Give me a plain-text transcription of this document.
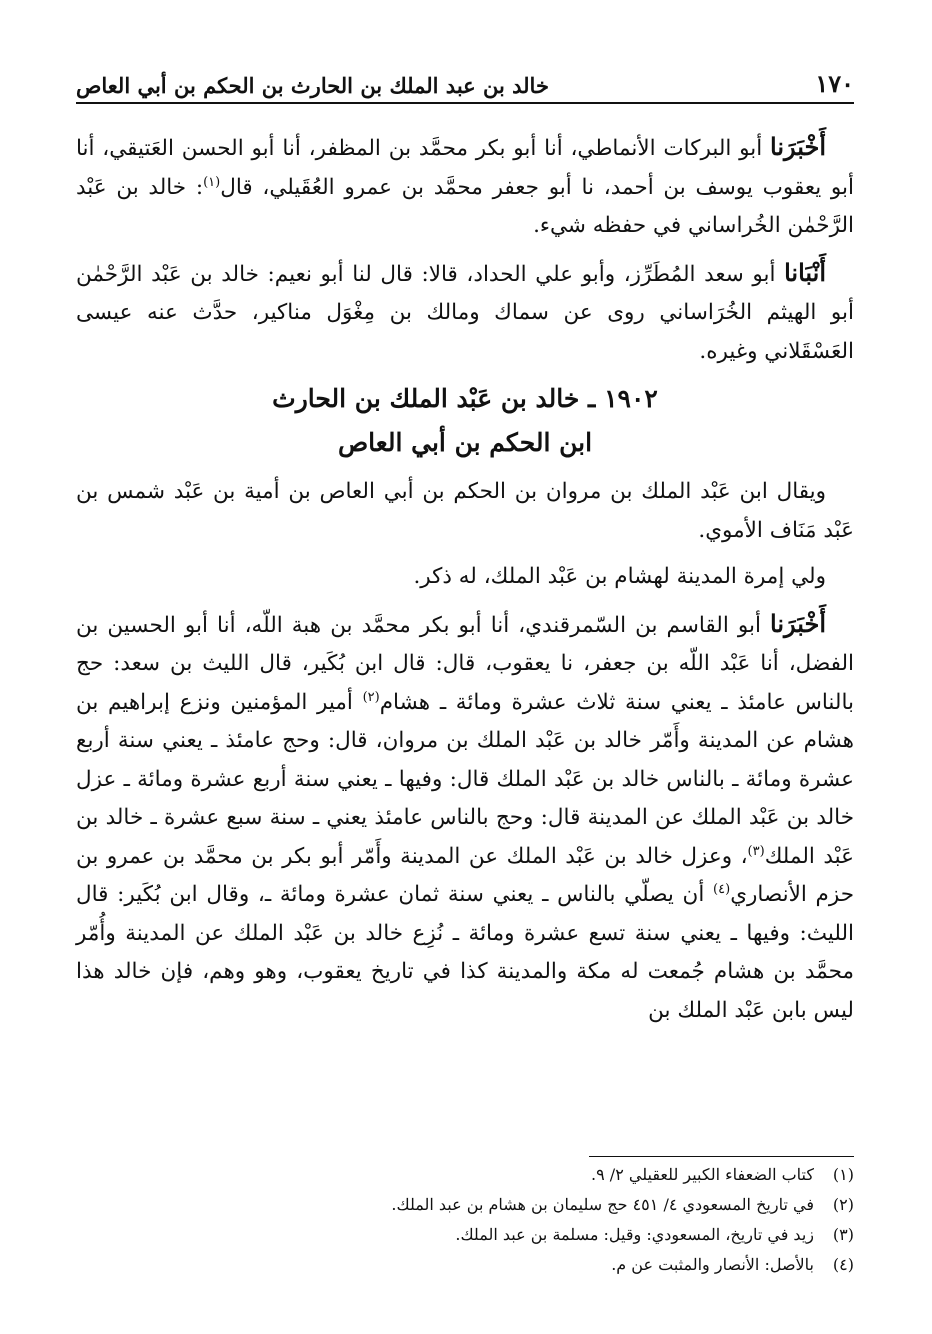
١٧٠
خالد بن عبد الملك بن الحارث بن الحكم بن أبي العاص

أَخْبَرَنا أبو البركات الأنماطي، أنا أبو بكر محمَّد بن المظفر، أنا أبو الحسن العَتيقي، أنا أبو يعقوب يوسف بن أحمد، نا أبو جعفر محمَّد بن عمرو العُقَيلي، قال$^{(١)}$: خالد بن عَبْد الرَّحْمٰن الخُراساني في حفظه شيء.

أَنْبَانا أبو سعد المُطَرِّز، وأبو علي الحداد، قالا: قال لنا أبو نعيم: خالد بن عَبْد الرَّحْمٰن أبو الهيثم الخُرَاساني روى عن سماك ومالك بن مِغْوَل مناكير، حدَّث عنه عيسى العَسْقَلاني وغيره.

١٩٠٢ ـ خالد بن عَبْد الملك بن الحارث
ابن الحكم بن أبي العاص

ويقال ابن عَبْد الملك بن مروان بن الحكم بن أبي العاص بن أمية بن عَبْد شمس بن عَبْد مَنَاف الأموي.

ولي إمرة المدينة لهشام بن عَبْد الملك، له ذكر.

أَخْبَرَنا أبو القاسم بن السّمرقندي، أنا أبو بكر محمَّد بن هبة اللّه، أنا أبو الحسين بن الفضل، أنا عَبْد اللّه بن جعفر، نا يعقوب، قال: قال ابن بُكَير، قال الليث بن سعد: حج بالناس عامئذ ـ يعني سنة ثلاث عشرة ومائة ـ هشام$^{(٢)}$ أمير المؤمنين ونزع إبراهيم بن هشام عن المدينة وأَمّر خالد بن عَبْد الملك بن مروان، قال: وحج عامئذ ـ يعني سنة أربع عشرة ومائة ـ بالناس خالد بن عَبْد الملك قال: وفيها ـ يعني سنة أربع عشرة ومائة ـ عزل خالد بن عَبْد الملك عن المدينة قال: وحج بالناس عامئذ يعني ـ سنة سبع عشرة ـ خالد بن عَبْد الملك$^{(٣)}$، وعزل خالد بن عَبْد الملك عن المدينة وأَمّر أبو بكر بن محمَّد بن عمرو بن حزم الأنصاري$^{(٤)}$ أن يصلّي بالناس ـ يعني سنة ثمان عشرة ومائة ـ، وقال ابن بُكَير: قال الليث: وفيها ـ يعني سنة تسع عشرة ومائة ـ نُزِع خالد بن عَبْد الملك عن المدينة وأُمّر محمَّد بن هشام جُمعت له مكة والمدينة كذا في تاريخ يعقوب، وهو وهم، فإن خالد هذا ليس بابن عَبْد الملك بن

(١)
كتاب الضعفاء الكبير للعقيلي ٢/ ٩.
(٢)
في تاريخ المسعودي ٤/ ٤٥١ حج سليمان بن هشام بن عبد الملك.
(٣)
زيد في تاريخ، المسعودي: وقيل: مسلمة بن عبد الملك.
(٤)
بالأصل: الأنصار والمثبت عن م.
